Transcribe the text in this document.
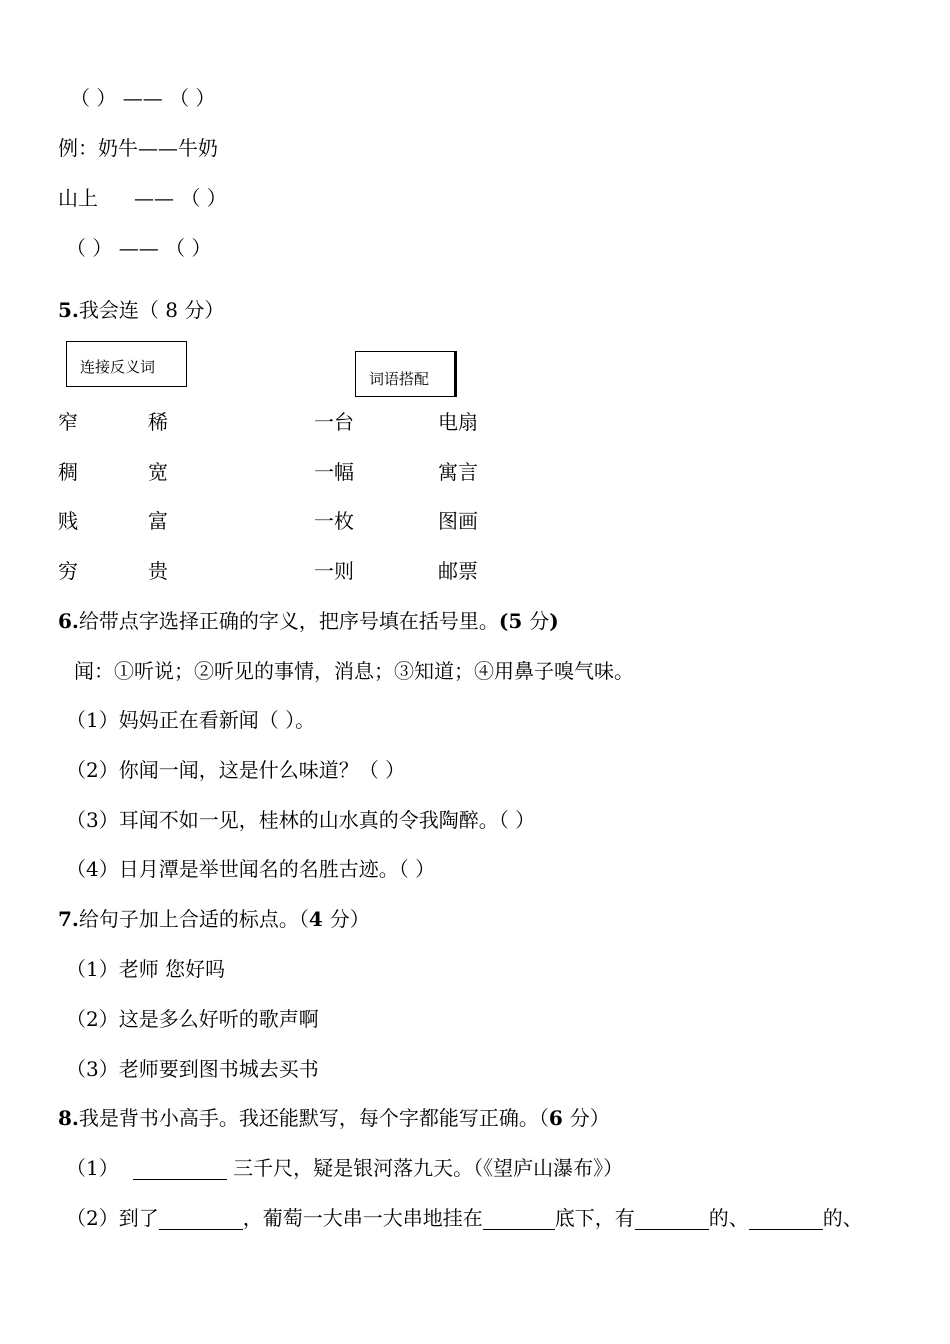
（ ） —— （ ）
例：奶牛——牛奶
山上 —— （ ）
（ ） —— （ ）
5.我会连（ 8 分）
连接反义词
词语搭配
窄	稀	一台	电扇
稠	宽	一幅	寓言
贱	富	一枚	图画
穷	贵	一则	邮票
6.给带点字选择正确的字义，把序号填在括号里。(5 分)
闻：①听说；②听见的事情，消息；③知道；④用鼻子嗅气味。
（1）妈妈正在看新闻（ ）。
（2）你闻一闻，这是什么味道？（ ）
（3）耳闻不如一见，桂林的山水真的令我陶醉。（ ）
（4）日月潭是举世闻名的名胜古迹。（ ）
7.给句子加上合适的标点。（4 分）
（1）老师 您好吗
（2）这是多么好听的歌声啊
（3）老师要到图书城去买书
8.我是背书小高手。我还能默写，每个字都能写正确。（6 分）
（1）	三千尺，疑是银河落九天。（《望庐山瀑布》）
（2）到了	，葡萄一大串一大串地挂在	底下，有	的、	的、
